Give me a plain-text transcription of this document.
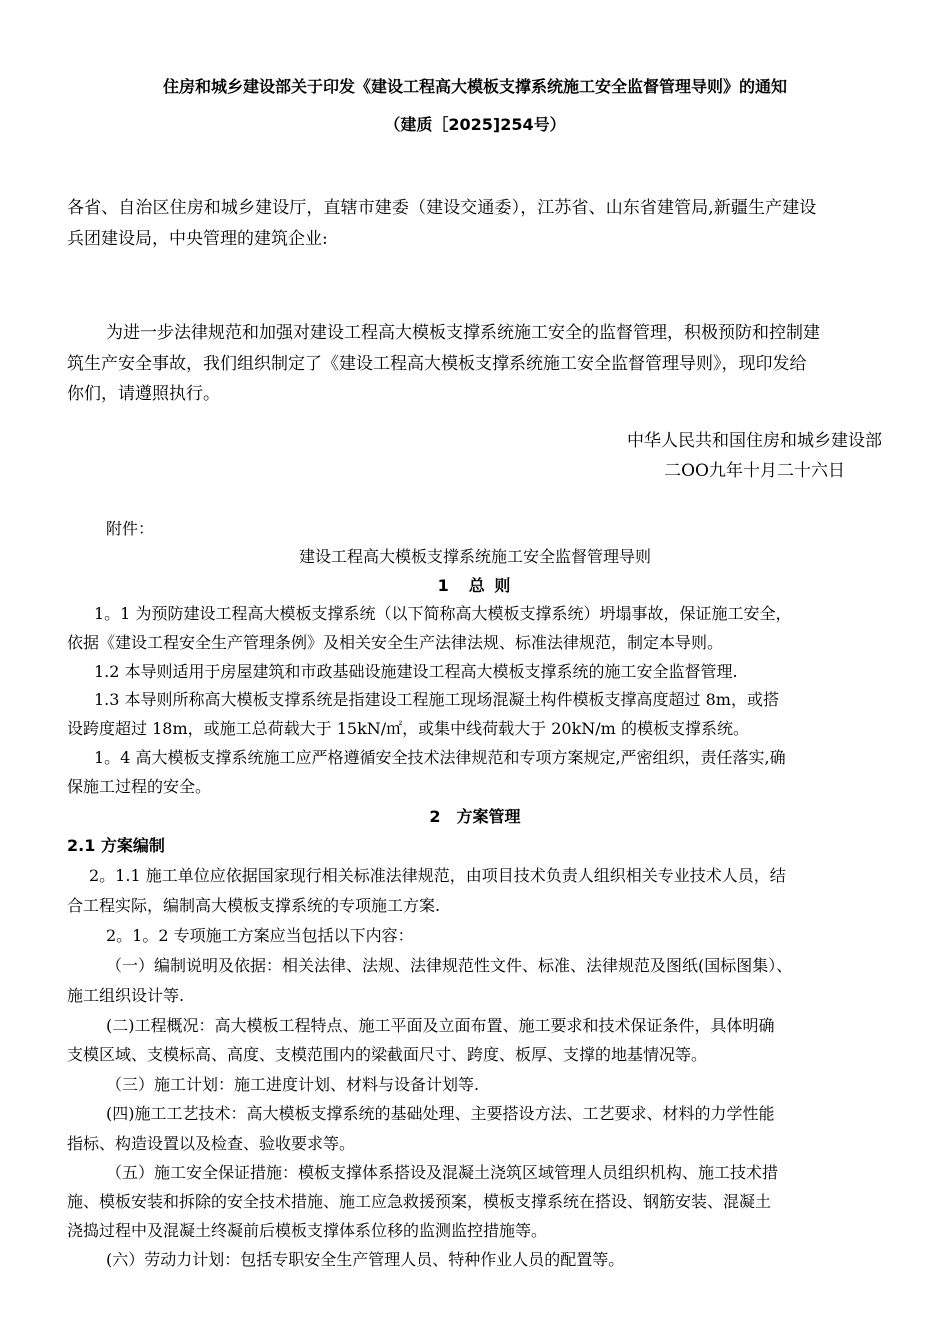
住房和城乡建设部关于印发《建设工程高大模板支撑系统施工安全监督管理导则》的通知
（建质［2025]254号）
各省、自治区住房和城乡建设厅，直辖市建委（建设交通委），江苏省、山东省建管局,新疆生产建设
兵团建设局，中央管理的建筑企业:
为进一步法律规范和加强对建设工程高大模板支撑系统施工安全的监督管理，积极预防和控制建
筑生产安全事故，我们组织制定了《建设工程高大模板支撑系统施工安全监督管理导则》，现印发给
你们，请遵照执行。
中华人民共和国住房和城乡建设部
二OO九年十月二十六日
附件：
建设工程高大模板支撑系统施工安全监督管理导则
1　总 则
1。1 为预防建设工程高大模板支撑系统（以下简称高大模板支撑系统）坍塌事故，保证施工安全，
依据《建设工程安全生产管理条例》及相关安全生产法律法规、标准法律规范，制定本导则。
1.2 本导则适用于房屋建筑和市政基础设施建设工程高大模板支撑系统的施工安全监督管理.
1.3 本导则所称高大模板支撑系统是指建设工程施工现场混凝土构件模板支撑高度超过 8m，或搭
设跨度超过 18m，或施工总荷载大于 15kN/㎡，或集中线荷载大于 20kN/m 的模板支撑系统。
1。4 高大模板支撑系统施工应严格遵循安全技术法律规范和专项方案规定,严密组织，责任落实,确
保施工过程的安全。
2　方案管理
2.1 方案编制
2。1.1 施工单位应依据国家现行相关标准法律规范，由项目技术负责人组织相关专业技术人员，结
合工程实际，编制高大模板支撑系统的专项施工方案.
2。1。2 专项施工方案应当包括以下内容：
（一）编制说明及依据：相关法律、法规、法律规范性文件、标准、法律规范及图纸(国标图集）、
施工组织设计等.
(二)工程概况：高大模板工程特点、施工平面及立面布置、施工要求和技术保证条件，具体明确
支模区域、支模标高、高度、支模范围内的梁截面尺寸、跨度、板厚、支撑的地基情况等。
（三）施工计划：施工进度计划、材料与设备计划等.
(四)施工工艺技术：高大模板支撑系统的基础处理、主要搭设方法、工艺要求、材料的力学性能
指标、构造设置以及检查、验收要求等。
（五）施工安全保证措施：模板支撑体系搭设及混凝土浇筑区域管理人员组织机构、施工技术措
施、模板安装和拆除的安全技术措施、施工应急救援预案，模板支撑系统在搭设、钢筋安装、混凝土
浇捣过程中及混凝土终凝前后模板支撑体系位移的监测监控措施等。
(六）劳动力计划：包括专职安全生产管理人员、特种作业人员的配置等。
